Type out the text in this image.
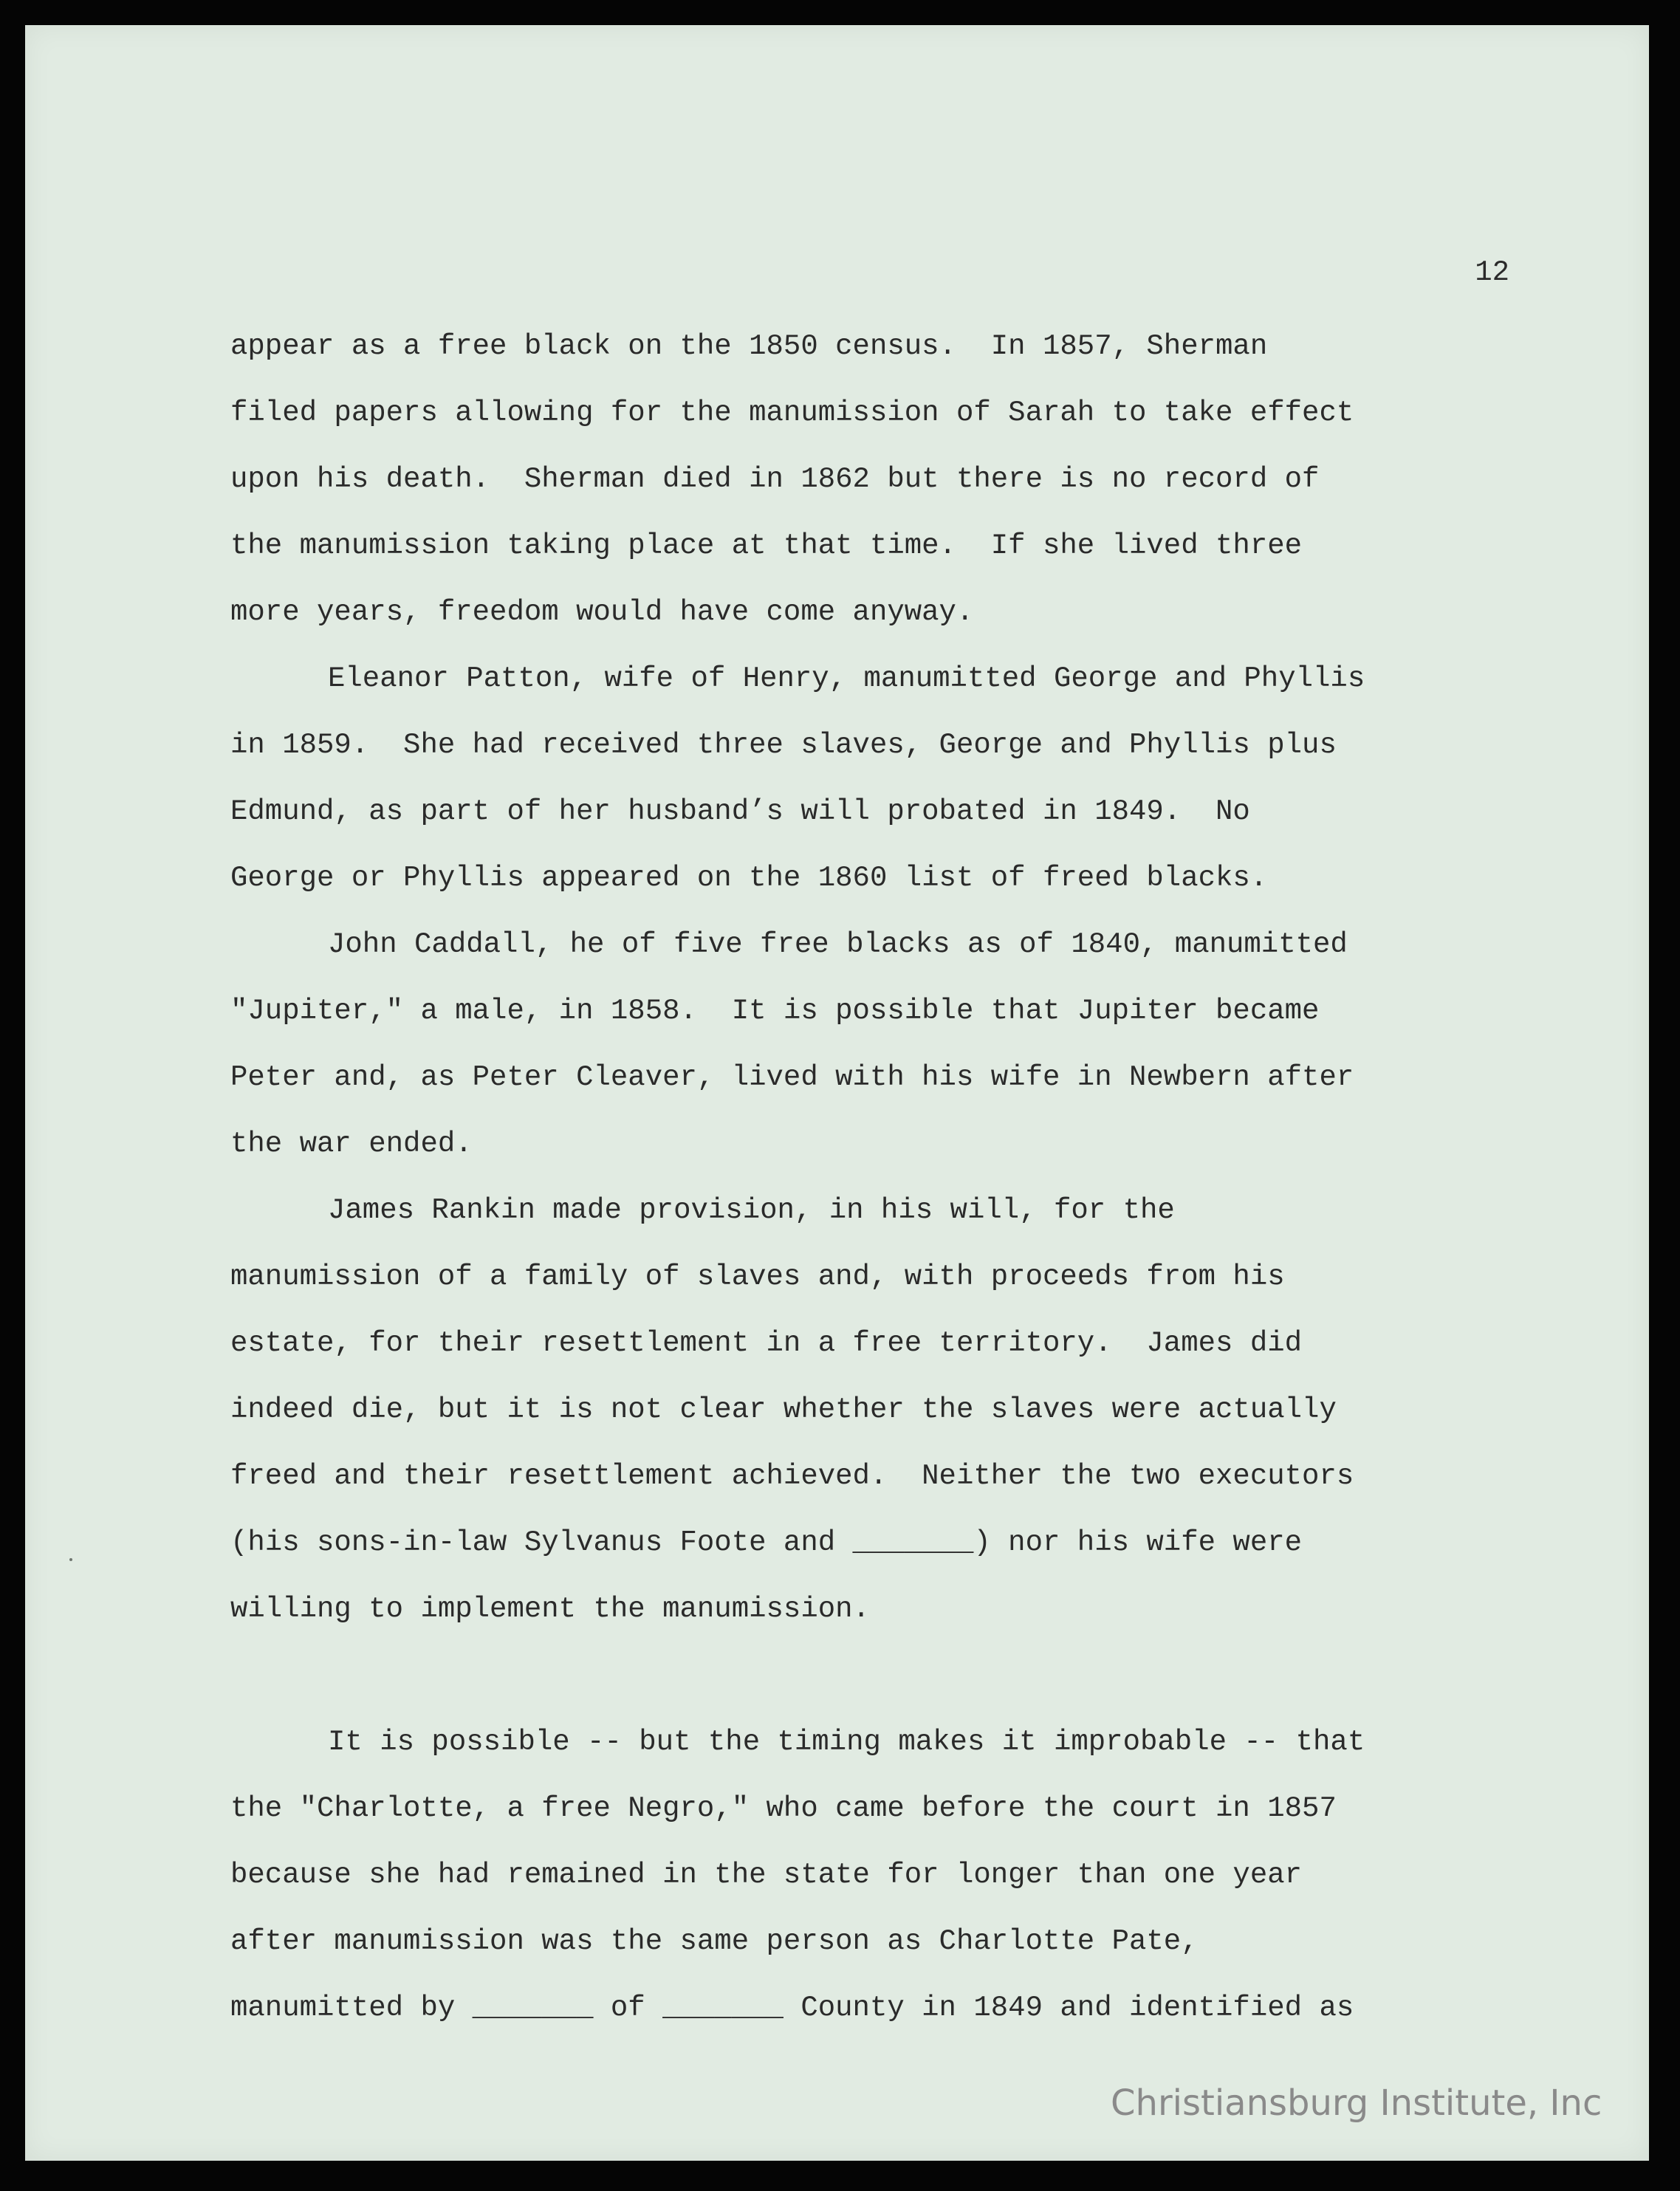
12
appear as a free black on the 1850 census.  In 1857, Sherman
filed papers allowing for the manumission of Sarah to take effect
upon his death.  Sherman died in 1862 but there is no record of
the manumission taking place at that time.  If she lived three
more years, freedom would have come anyway.
Eleanor Patton, wife of Henry, manumitted George and Phyllis
in 1859.  She had received three slaves, George and Phyllis plus
Edmund, as part of her husband’s will probated in 1849.  No
George or Phyllis appeared on the 1860 list of freed blacks.
John Caddall, he of five free blacks as of 1840, manumitted
"Jupiter," a male, in 1858.  It is possible that Jupiter became
Peter and, as Peter Cleaver, lived with his wife in Newbern after
the war ended.
James Rankin made provision, in his will, for the
manumission of a family of slaves and, with proceeds from his
estate, for their resettlement in a free territory.  James did
indeed die, but it is not clear whether the slaves were actually
freed and their resettlement achieved.  Neither the two executors
(his sons-in-law Sylvanus Foote and _______) nor his wife were
willing to implement the manumission.
It is possible -- but the timing makes it improbable -- that
the "Charlotte, a free Negro," who came before the court in 1857
because she had remained in the state for longer than one year
after manumission was the same person as Charlotte Pate,
manumitted by _______ of _______ County in 1849 and identified as
Christiansburg Institute, Inc
